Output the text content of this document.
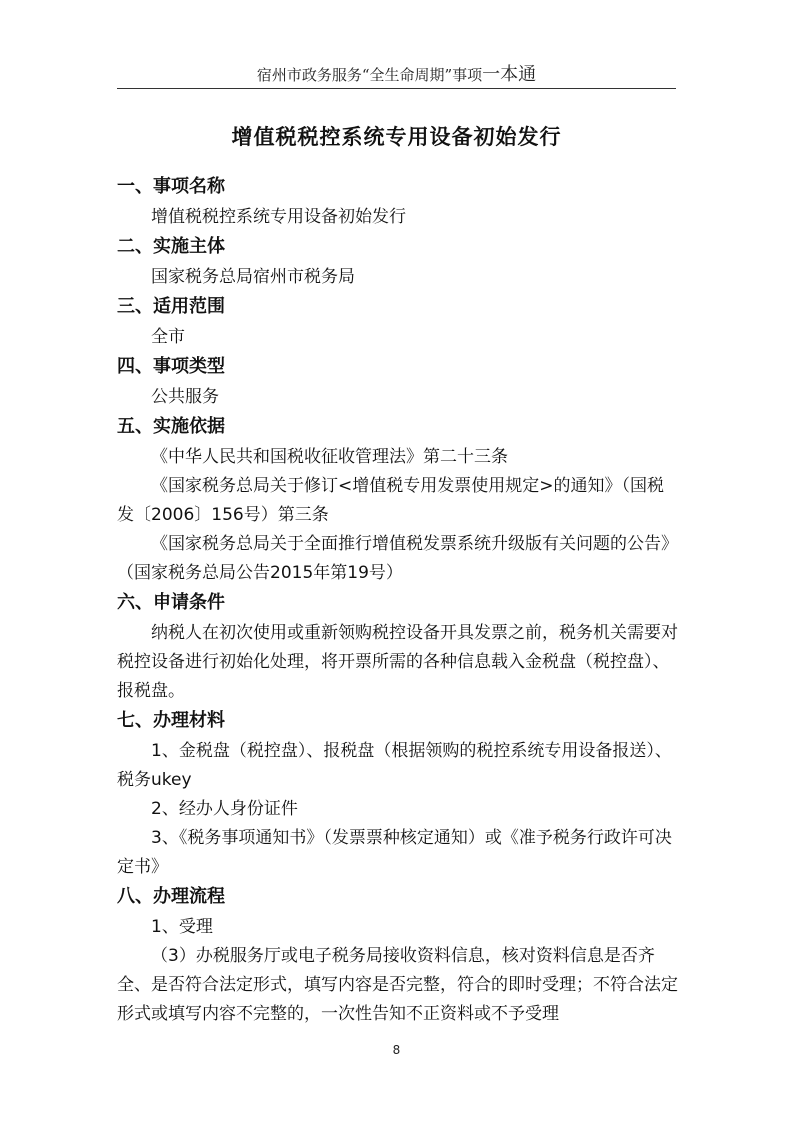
宿州市政务服务“全生命周期”事项一本通
增值税税控系统专用设备初始发行
一、事项名称

增值税税控系统专用设备初始发行

二、实施主体

国家税务总局宿州市税务局

三、适用范围

全市

四、事项类型

公共服务

五、实施依据

《中华人民共和国税收征收管理法》第二十三条

《国家税务总局关于修订<增值税专用发票使用规定>的通知》（国税发〔2006〕156号）第三条

《国家税务总局关于全面推行增值税发票系统升级版有关问题的公告》（国家税务总局公告2015年第19号）

六、申请条件

纳税人在初次使用或重新领购税控设备开具发票之前，税务机关需要对税控设备进行初始化处理，将开票所需的各种信息载入金税盘（税控盘）、报税盘。

七、办理材料

1、金税盘（税控盘）、报税盘（根据领购的税控系统专用设备报送）、税务ukey

2、经办人身份证件

3、《税务事项通知书》（发票票种核定通知）或《准予税务行政许可决定书》

八、办理流程

1、受理

（3）办税服务厅或电子税务局接收资料信息，核对资料信息是否齐全、是否符合法定形式，填写内容是否完整，符合的即时受理；不符合法定形式或填写内容不完整的，一次性告知不正资料或不予受理

8
